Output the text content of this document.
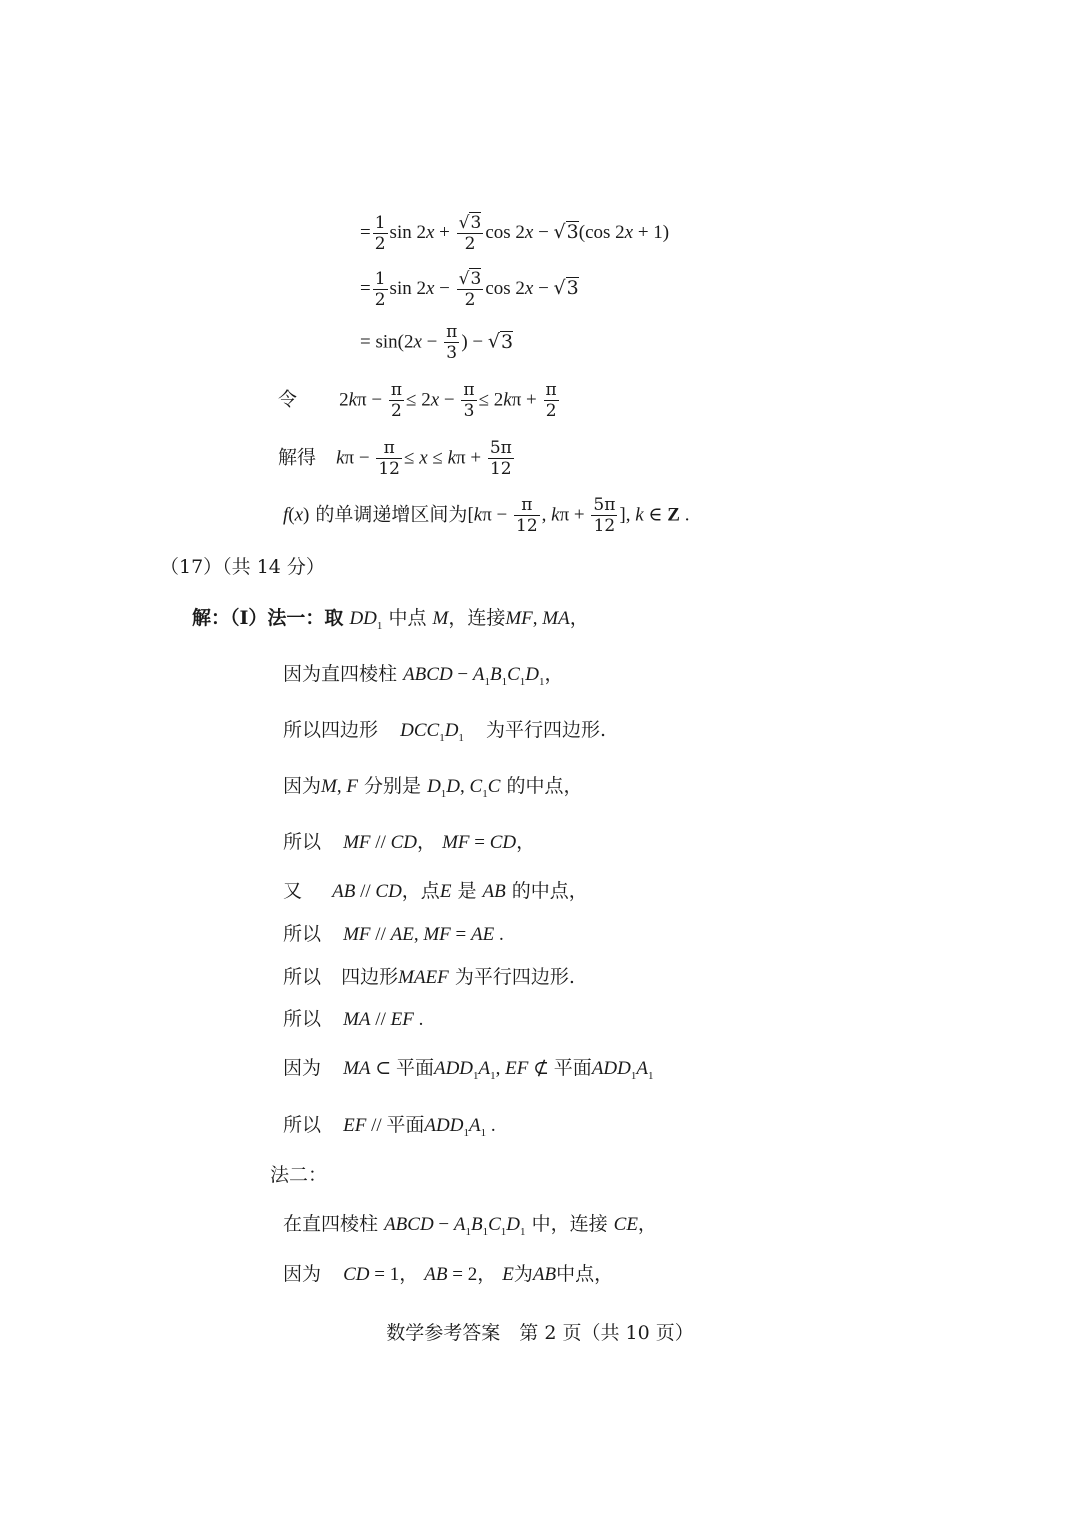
= $\frac{1}{2}$ $\sin 2x + \frac{√3}{2}$ cos 2x − √3(cos 2x + 1)
= $\frac{1}{2}$ $\sin 2x - \frac{√3}{2}$ cos 2x − √3
= $\sin(2x - \frac{\pi}{3}$ ) − √3
令 $2k\pi - \frac{\pi}{2} \le 2x - \frac{\pi}{3} \le 2k\pi + \frac{\pi}{2}$
解得 $k\pi - \frac{\pi}{12} \le x \le k\pi + \frac{5\pi}{12}$
f(x) 的单调递增区间为[$k\pi - \frac{\pi}{12}$ , $k\pi + \frac{5\pi}{12}$ ], k ∈ Z .
（17）（共 14 分）
解：（Ⅰ）法一：取 $DD_1$ 中点 M，连接MF, MA，
因为直四棱柱 ABCD − $A_1B_1C_1D_1$，
所以四边形 $DCC_1D_1$ 为平行四边形.
因为M, F 分别是 $D_1D$, $C_1C$ 的中点，
所以 MF // CD， MF = CD，
又 AB // CD，点E 是 AB 的中点，
所以 MF // AE, MF = AE .
所以 四边形MAEF 为平行四边形.
所以 MA // EF .
因为 MA ⊂ 平面$ADD_1A_1$, EF ⊄ 平面$ADD_1A_1$
所以 EF // 平面$ADD_1A_1$ .
法二：
在直四棱柱 ABCD − $A_1B_1C_1D_1$ 中，连接 CE，
因为 CD = 1， AB = 2， E为AB中点，
数学参考答案　第 2 页（共 10 页）
